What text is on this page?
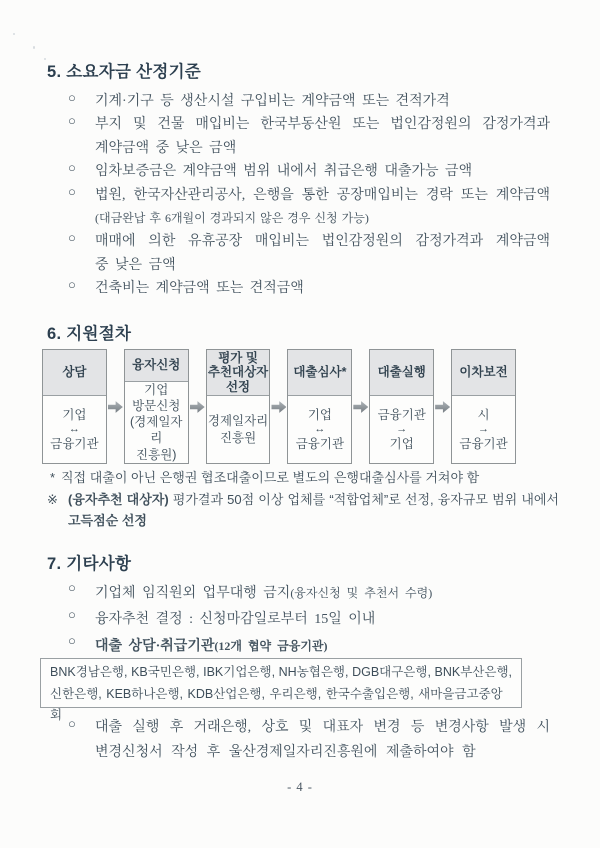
5. 소요자금 산정기준
○	기계·기구 등 생산시설 구입비는 계약금액 또는 견적가격
○	부지 및 건물 매입비는 한국부동산원 또는 법인감정원의 감정가격과
계약금액 중 낮은 금액
○	임차보증금은 계약금액 범위 내에서 취급은행 대출가능 금액
○	법원, 한국자산관리공사, 은행을 통한 공장매입비는 경락 또는 계약금액
(대금완납 후 6개월이 경과되지 않은 경우 신청 가능)
○	매매에 의한 유휴공장 매입비는 법인감정원의 감정가격과 계약금액
중 낮은 금액
○	건축비는 계약금액 또는 견적금액
6. 지원절차
상담
기업
↔
금융기관
융자신청
기업
방문신청
(경제일자리
진흥원)
평가 및
추천대상자
선정
경제일자리
진흥원
대출심사*
기업
↔
금융기관
대출실행
금융기관
→
기업
이차보전
시
→
금융기관
* 직접 대출이 아닌 은행권 협조대출이므로 별도의 은행대출심사를 거쳐야 함
※ (융자추천 대상자) 평가결과 50점 이상 업체를 “적합업체”로 선정, 융자규모 범위 내에서
고득점순 선정
7. 기타사항
○	기업체 임직원외 업무대행 금지(융자신청 및 추천서 수령)
○	융자추천 결정 : 신청마감일로부터 15일 이내
○	대출 상담·취급기관(12개 협약 금융기관)
BNK경남은행, KB국민은행, IBK기업은행, NH농협은행, DGB대구은행, BNK부산은행,
신한은행, KEB하나은행, KDB산업은행, 우리은행, 한국수출입은행, 새마을금고중앙회
○	대출 실행 후 거래은행, 상호 및 대표자 변경 등 변경사항 발생 시
변경신청서 작성 후 울산경제일자리진흥원에 제출하여야 함
- 4 -
